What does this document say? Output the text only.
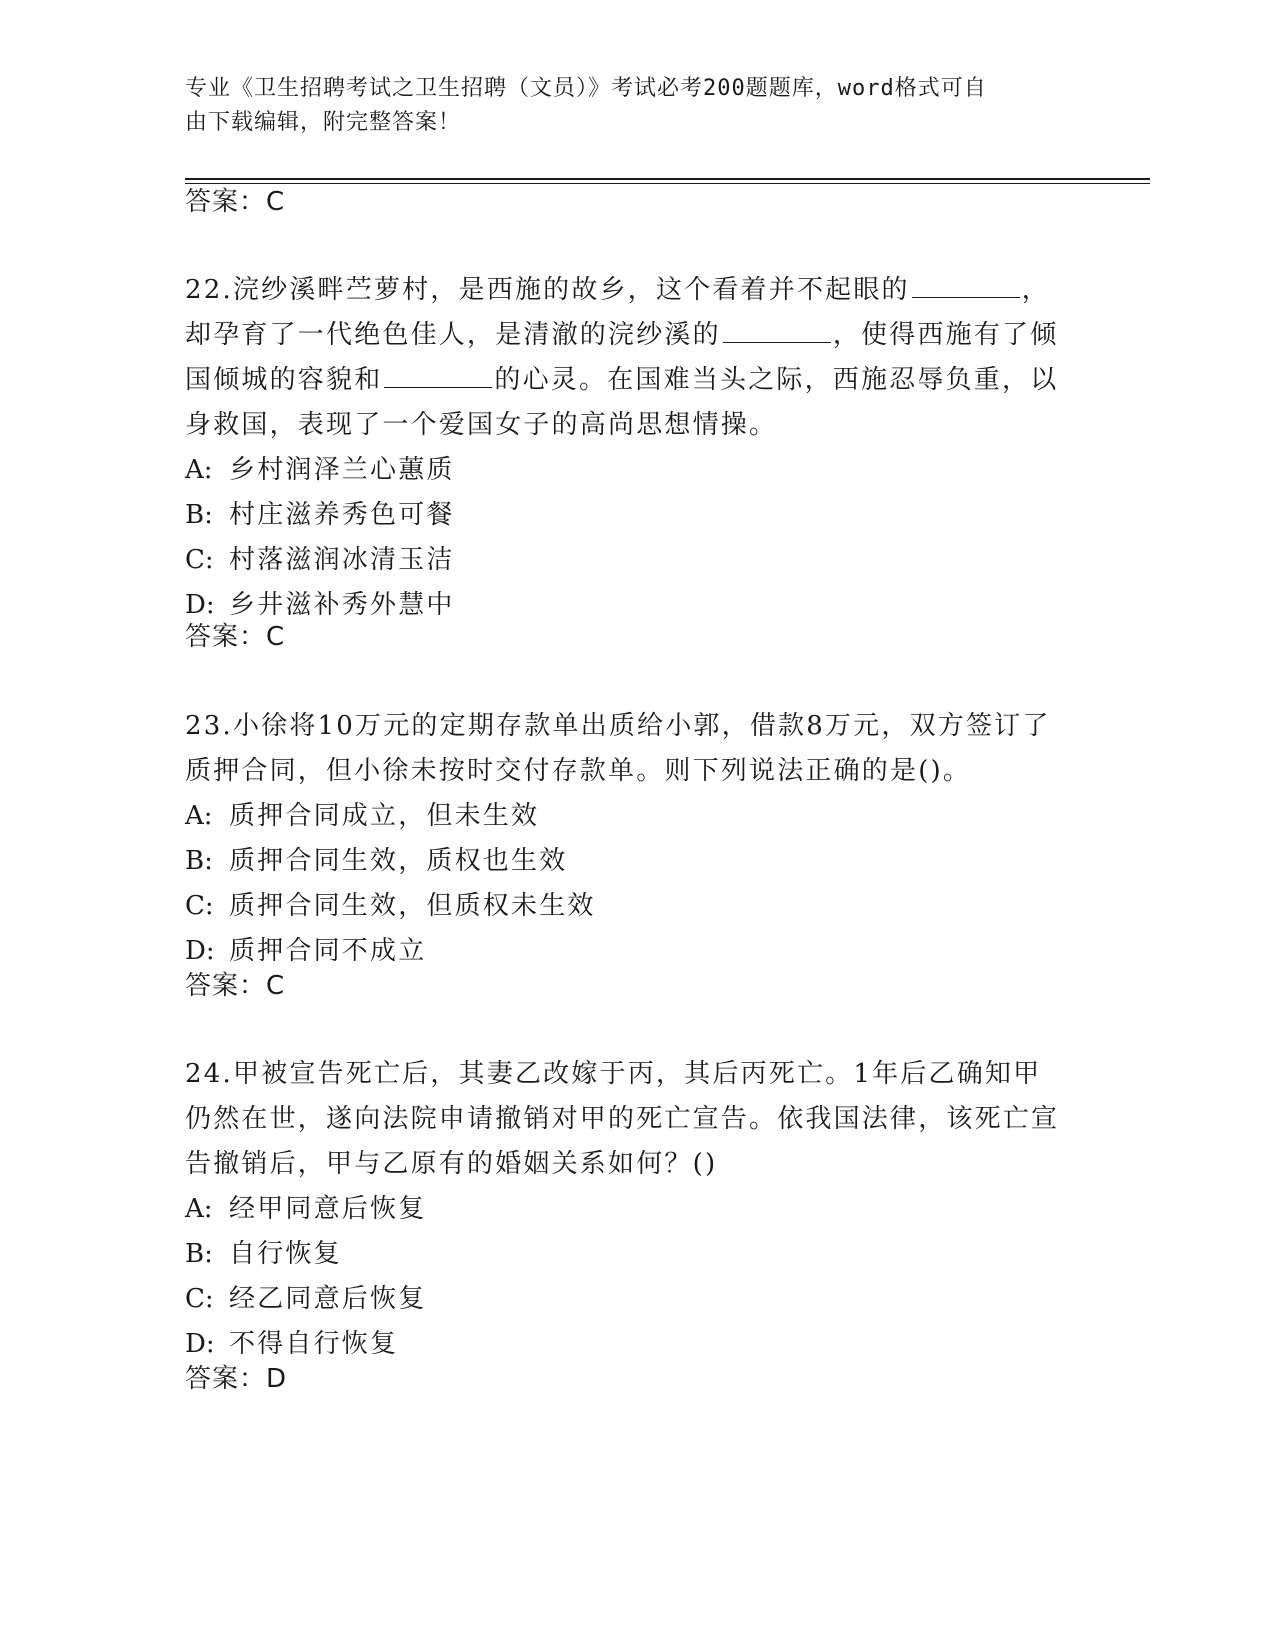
专业《卫生招聘考试之卫生招聘（文员）》考试必考200题题库，word格式可自
由下载编辑，附完整答案！
答案：C

22.浣纱溪畔苎萝村，是西施的故乡，这个看着并不起眼的	，却孕育了一代绝色佳人，是清澈的浣纱溪的	，使得西施有了倾国倾城的容貌和	的心灵。在国难当头之际，西施忍辱负重，以身救国，表现了一个爱国女子的高尚思想情操。

A: 乡村润泽兰心蕙质

B: 村庄滋养秀色可餐

C: 村落滋润冰清玉洁

D: 乡井滋补秀外慧中

答案：C

23.小徐将10万元的定期存款单出质给小郭，借款8万元，双方签订了质押合同，但小徐未按时交付存款单。则下列说法正确的是()。

A: 质押合同成立，但未生效

B: 质押合同生效，质权也生效

C: 质押合同生效，但质权未生效

D: 质押合同不成立

答案：C

24.甲被宣告死亡后，其妻乙改嫁于丙，其后丙死亡。1年后乙确知甲仍然在世，遂向法院申请撤销对甲的死亡宣告。依我国法律，该死亡宣告撤销后，甲与乙原有的婚姻关系如何？()

A: 经甲同意后恢复

B: 自行恢复

C: 经乙同意后恢复

D: 不得自行恢复

答案：D
